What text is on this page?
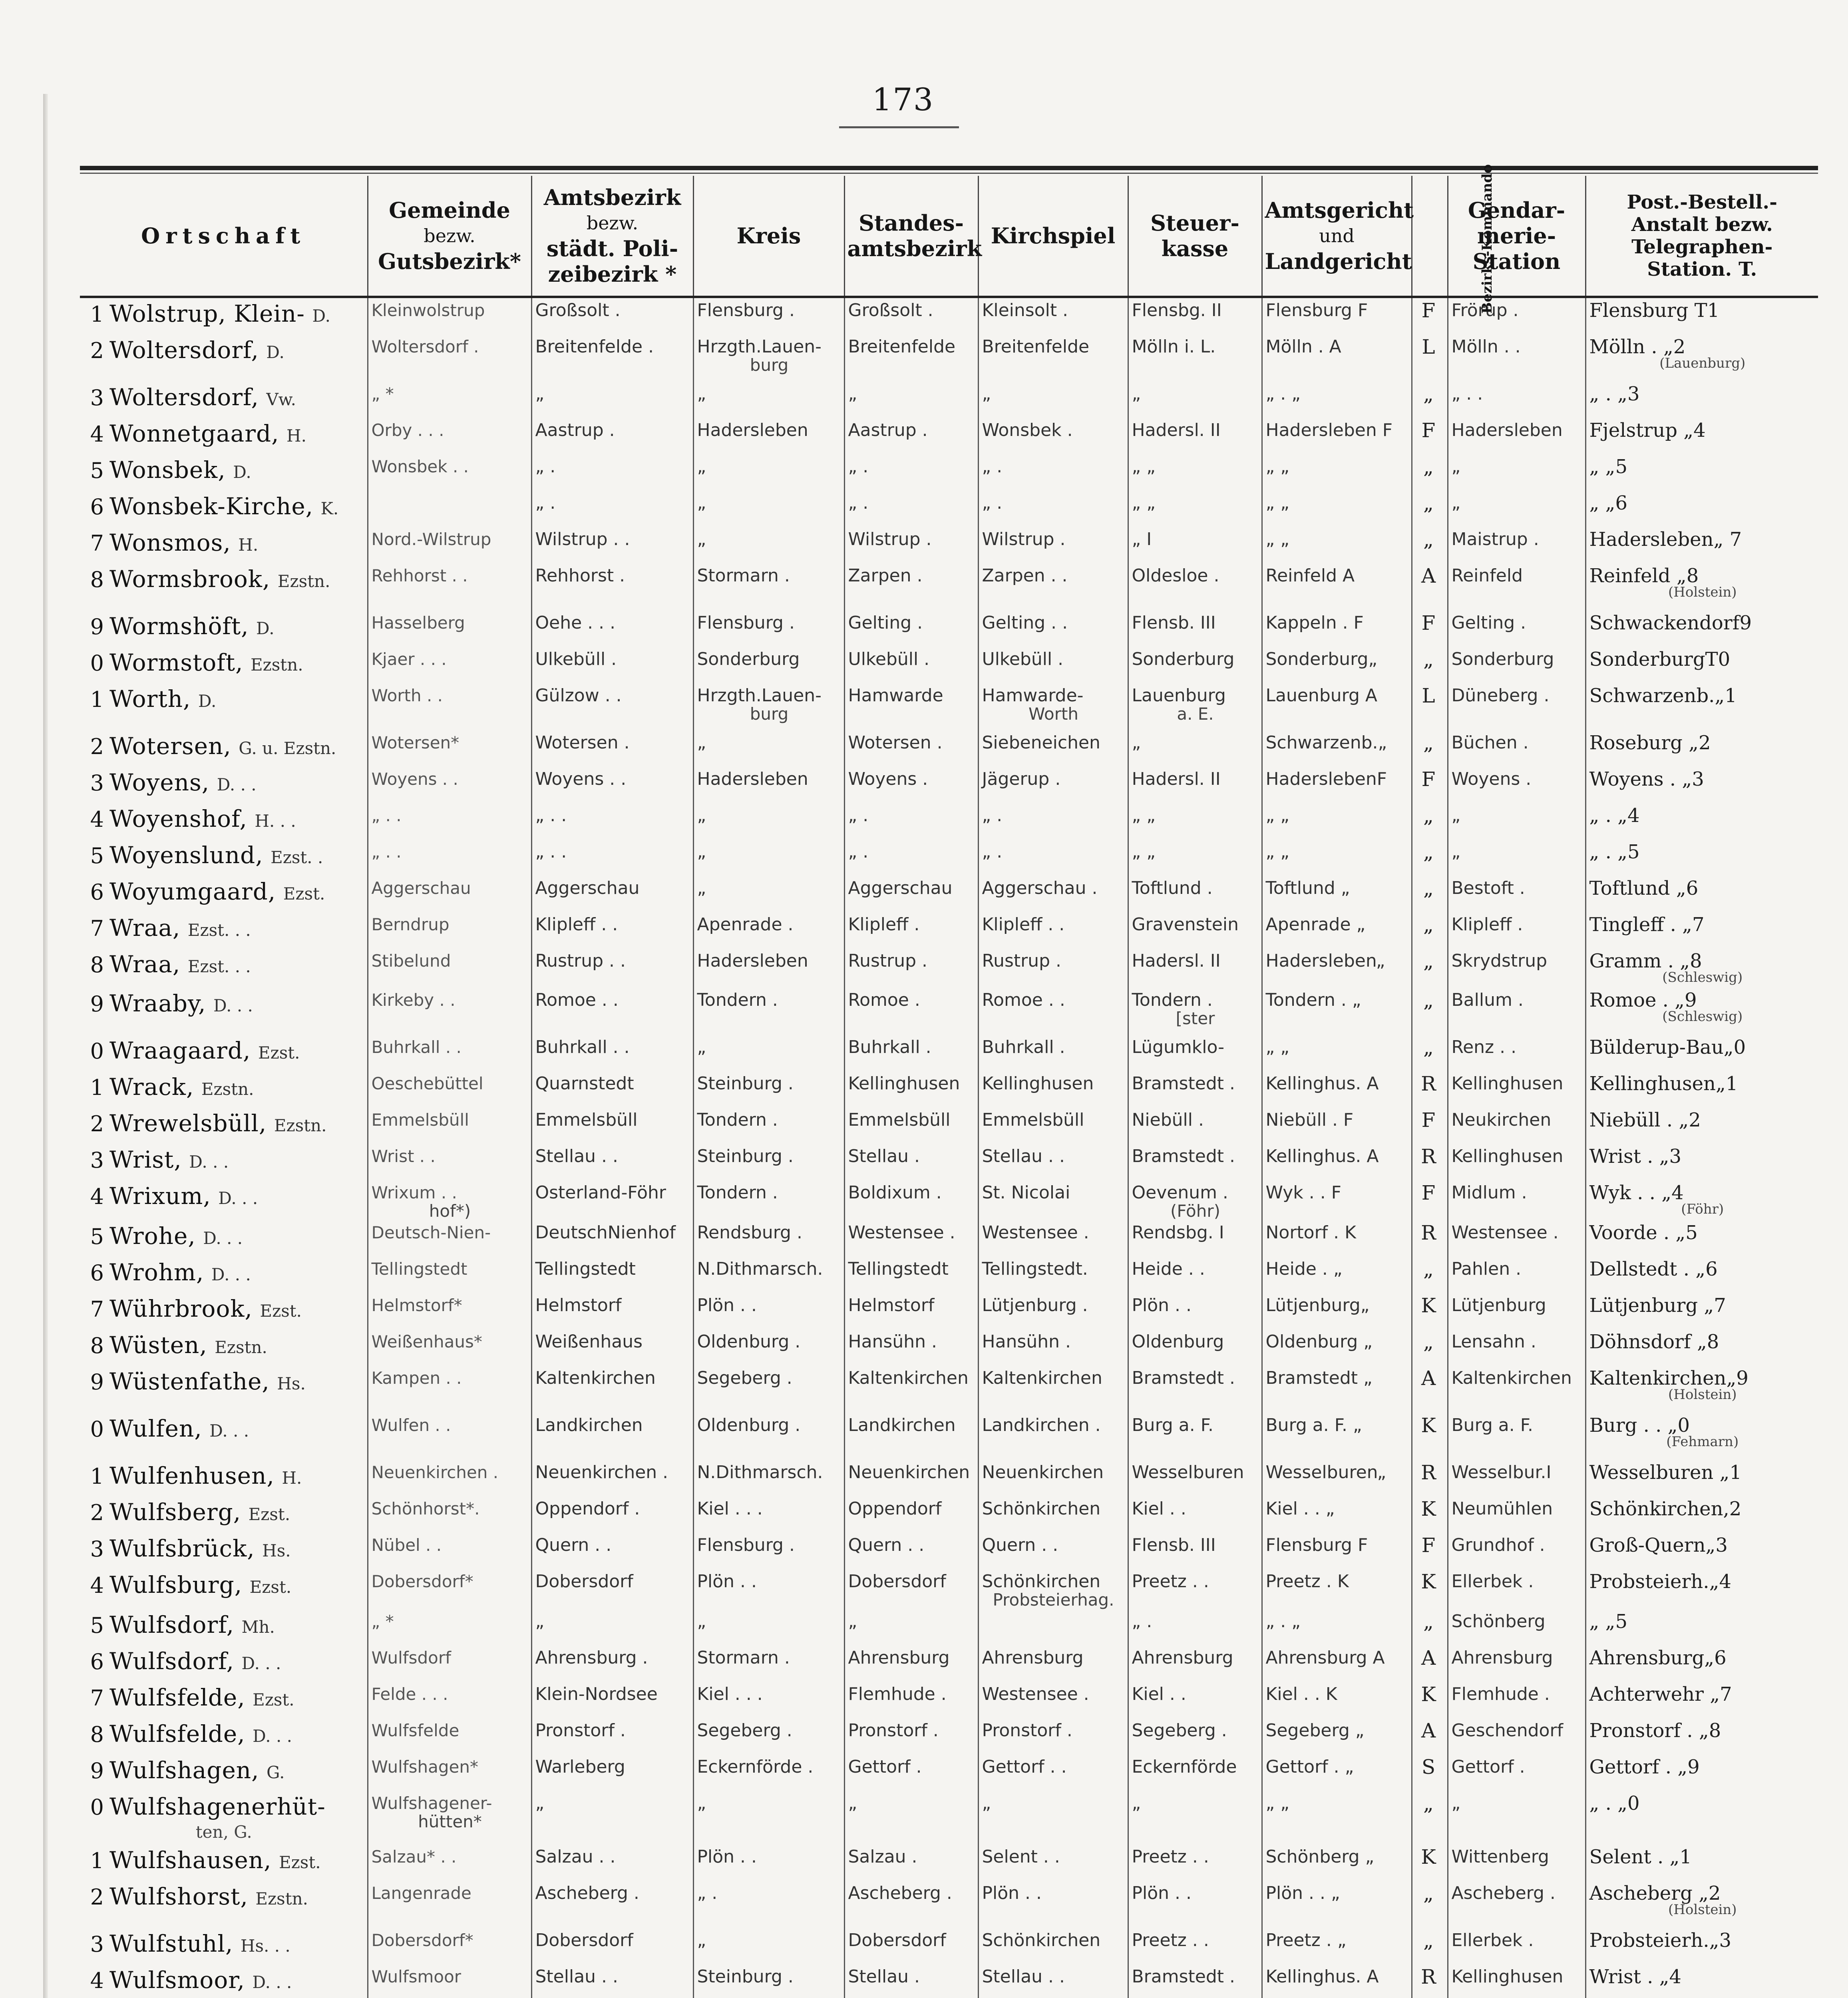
173
Ortschaft	Gemeinde
bezw.
Gutsbezirk*	Amtsbezirk
bezw.
städt. Poli-
zeibezirk *	Kreis	Standes-
amtsbezirk	Kirchspiel	Steuer-
kasse	Amtsgericht
und
Landgericht	Bezirks-Kommando	Gendar-
merie-
Station	Post.-Bestell.-
Anstalt bezw.
Telegraphen-
Station. T.
1 Wolstrup, Klein- D.	Kleinwolstrup	Großsolt .	Flensburg .	Großsolt .	Kleinsolt .	Flensbg. II	Flensburg F	F	Frörup .	Flensburg T1
2 Woltersdorf, D.	Woltersdorf .	Breitenfelde .	Hrzgth.Lauen-
burg	Breitenfelde	Breitenfelde	Mölln i. L.	Mölln . A	L	Mölln . .	Mölln . „2
(Lauenburg)

3 Woltersdorf, Vw.	„ *	„	„	„	„	„	„ . „	„	„ . .	„ . „3
4 Wonnetgaard, H.	Orby . . .	Aastrup .	Hadersleben	Aastrup .	Wonsbek .	Hadersl. II	Hadersleben F	F	Hadersleben	Fjelstrup „4
5 Wonsbek, D.	Wonsbek . .	„ .	„	„ .	„ .	„ „	„ „	„	„	„ „5
6 Wonsbek-Kirche, K.		„ .	„	„ .	„ .	„ „	„ „	„	„	„ „6
7 Wonsmos, H.	Nord.-Wilstrup	Wilstrup . .	„	Wilstrup .	Wilstrup .	„ I	„ „	„	Maistrup .	Hadersleben„ 7
8 Wormsbrook, Ezstn.	Rehhorst . .	Rehhorst .	Stormarn .	Zarpen .	Zarpen . .	Oldesloe .	Reinfeld A	A	Reinfeld	Reinfeld „8
(Holstein)

9 Wormshöft, D.	Hasselberg	Oehe . . .	Flensburg .	Gelting .	Gelting . .	Flensb. III	Kappeln . F	F	Gelting .	Schwackendorf9
0 Wormstoft, Ezstn.	Kjaer . . .	Ulkebüll .	Sonderburg	Ulkebüll .	Ulkebüll .	Sonderburg	Sonderburg„	„	Sonderburg	SonderburgT0
1 Worth, D.	Worth . .	Gülzow . .	Hrzgth.Lauen-
burg	Hamwarde	Hamwarde-
Worth	Lauenburg
a. E.	Lauenburg A	L	Düneberg .	Schwarzenb.„1
2 Wotersen, G. u. Ezstn.	Wotersen*	Wotersen .	„	Wotersen .	Siebeneichen	„	Schwarzenb.„	„	Büchen .	Roseburg „2
3 Woyens, D. . .	Woyens . .	Woyens . .	Hadersleben	Woyens .	Jägerup .	Hadersl. II	HaderslebenF	F	Woyens .	Woyens . „3
4 Woyenshof, H. . .	„ . .	„ . .	„	„ .	„ .	„ „	„ „	„	„	„ . „4
5 Woyenslund, Ezst. .	„ . .	„ . .	„	„ .	„ .	„ „	„ „	„	„	„ . „5
6 Woyumgaard, Ezst.	Aggerschau	Aggerschau	„	Aggerschau	Aggerschau .	Toftlund .	Toftlund „	„	Bestoft .	Toftlund „6
7 Wraa, Ezst. . .	Berndrup	Klipleff . .	Apenrade .	Klipleff .	Klipleff . .	Gravenstein	Apenrade „	„	Klipleff .	Tingleff . „7
8 Wraa, Ezst. . .	Stibelund	Rustrup . .	Hadersleben	Rustrup .	Rustrup .	Hadersl. II	Hadersleben„	„	Skrydstrup	Gramm . „8
(Schleswig)

9 Wraaby, D. . .	Kirkeby . .	Romoe . .	Tondern .	Romoe .	Romoe . .	Tondern .
[ster	Tondern . „	„	Ballum .	Romoe . „9
(Schleswig)

0 Wraagaard, Ezst.	Buhrkall . .	Buhrkall . .	„	Buhrkall .	Buhrkall .	Lügumklo-	„ „	„	Renz . .	Bülderup-Bau„0
1 Wrack, Ezstn.	Oeschebüttel	Quarnstedt	Steinburg .	Kellinghusen	Kellinghusen	Bramstedt .	Kellinghus. A	R	Kellinghusen	Kellinghusen„1
2 Wrewelsbüll, Ezstn.	Emmelsbüll	Emmelsbüll	Tondern .	Emmelsbüll	Emmelsbüll	Niebüll .	Niebüll . F	F	Neukirchen	Niebüll . „2
3 Wrist, D. . .	Wrist . .	Stellau . .	Steinburg .	Stellau .	Stellau . .	Bramstedt .	Kellinghus. A	R	Kellinghusen	Wrist . „3
4 Wrixum, D. . .	Wrixum . .
hof*)	Osterland-Föhr	Tondern .	Boldixum .	St. Nicolai	Oevenum .
(Föhr)	Wyk . . F	F	Midlum .	Wyk . . „4
(Föhr)

5 Wrohe, D. . .	Deutsch-Nien-	DeutschNienhof	Rendsburg .	Westensee .	Westensee .	Rendsbg. I	Nortorf . K	R	Westensee .	Voorde . „5
6 Wrohm, D. . .	Tellingstedt	Tellingstedt	N.Dithmarsch.	Tellingstedt	Tellingstedt.	Heide . .	Heide . „	„	Pahlen .	Dellstedt . „6
7 Wührbrook, Ezst.	Helmstorf*	Helmstorf	Plön . .	Helmstorf	Lütjenburg .	Plön . .	Lütjenburg„	K	Lütjenburg	Lütjenburg „7
8 Wüsten, Ezstn.	Weißenhaus*	Weißenhaus	Oldenburg .	Hansühn .	Hansühn .	Oldenburg	Oldenburg „	„	Lensahn .	Döhnsdorf „8
9 Wüstenfathe, Hs.	Kampen . .	Kaltenkirchen	Segeberg .	Kaltenkirchen	Kaltenkirchen	Bramstedt .	Bramstedt „	A	Kaltenkirchen	Kaltenkirchen„9
(Holstein)

0 Wulfen, D. . .	Wulfen . .	Landkirchen	Oldenburg .	Landkirchen	Landkirchen .	Burg a. F.	Burg a. F. „	K	Burg a. F.	Burg . . „0
(Fehmarn)

1 Wulfenhusen, H.	Neuenkirchen .	Neuenkirchen .	N.Dithmarsch.	Neuenkirchen	Neuenkirchen	Wesselburen	Wesselburen„	R	Wesselbur.I	Wesselburen „1
2 Wulfsberg, Ezst.	Schönhorst*.	Oppendorf .	Kiel . . .	Oppendorf	Schönkirchen	Kiel . .	Kiel . . „	K	Neumühlen	Schönkirchen,2
3 Wulfsbrück, Hs.	Nübel . .	Quern . .	Flensburg .	Quern . .	Quern . .	Flensb. III	Flensburg F	F	Grundhof .	Groß-Quern„3
4 Wulfsburg, Ezst.	Dobersdorf*	Dobersdorf	Plön . .	Dobersdorf	Schönkirchen
Probsteierhag.	Preetz . .	Preetz . K	K	Ellerbek .	Probsteierh.„4
5 Wulfsdorf, Mh.	„ *	„	„	„		„ .	„ . „	„	Schönberg	„ „5
6 Wulfsdorf, D. . .	Wulfsdorf	Ahrensburg .	Stormarn .	Ahrensburg	Ahrensburg	Ahrensburg	Ahrensburg A	A	Ahrensburg	Ahrensburg„6
7 Wulfsfelde, Ezst.	Felde . . .	Klein-Nordsee	Kiel . . .	Flemhude .	Westensee .	Kiel . .	Kiel . . K	K	Flemhude .	Achterwehr „7
8 Wulfsfelde, D. . .	Wulfsfelde	Pronstorf .	Segeberg .	Pronstorf .	Pronstorf .	Segeberg .	Segeberg „	A	Geschendorf	Pronstorf . „8
9 Wulfshagen, G.	Wulfshagen*	Warleberg	Eckernförde .	Gettorf .	Gettorf . .	Eckernförde	Gettorf . „	S	Gettorf .	Gettorf . „9
0 Wulfshagenerhüt-
ten, G.	Wulfshagener-
hütten*	„	„	„	„	„	„ „	„	„	„ . „0
1 Wulfshausen, Ezst.	Salzau* . .	Salzau . .	Plön . .	Salzau .	Selent . .	Preetz . .	Schönberg „	K	Wittenberg	Selent . „1
2 Wulfshorst, Ezstn.	Langenrade	Ascheberg .	„ .	Ascheberg .	Plön . .	Plön . .	Plön . . „	„	Ascheberg .	Ascheberg „2
(Holstein)

3 Wulfstuhl, Hs. . .	Dobersdorf*	Dobersdorf	„	Dobersdorf	Schönkirchen	Preetz . .	Preetz . „	„	Ellerbek .	Probsteierh.„3
4 Wulfsmoor, D. . .	Wulfsmoor	Stellau . .	Steinburg .	Stellau .	Stellau . .	Bramstedt .	Kellinghus. A	R	Kellinghusen	Wrist . „4
